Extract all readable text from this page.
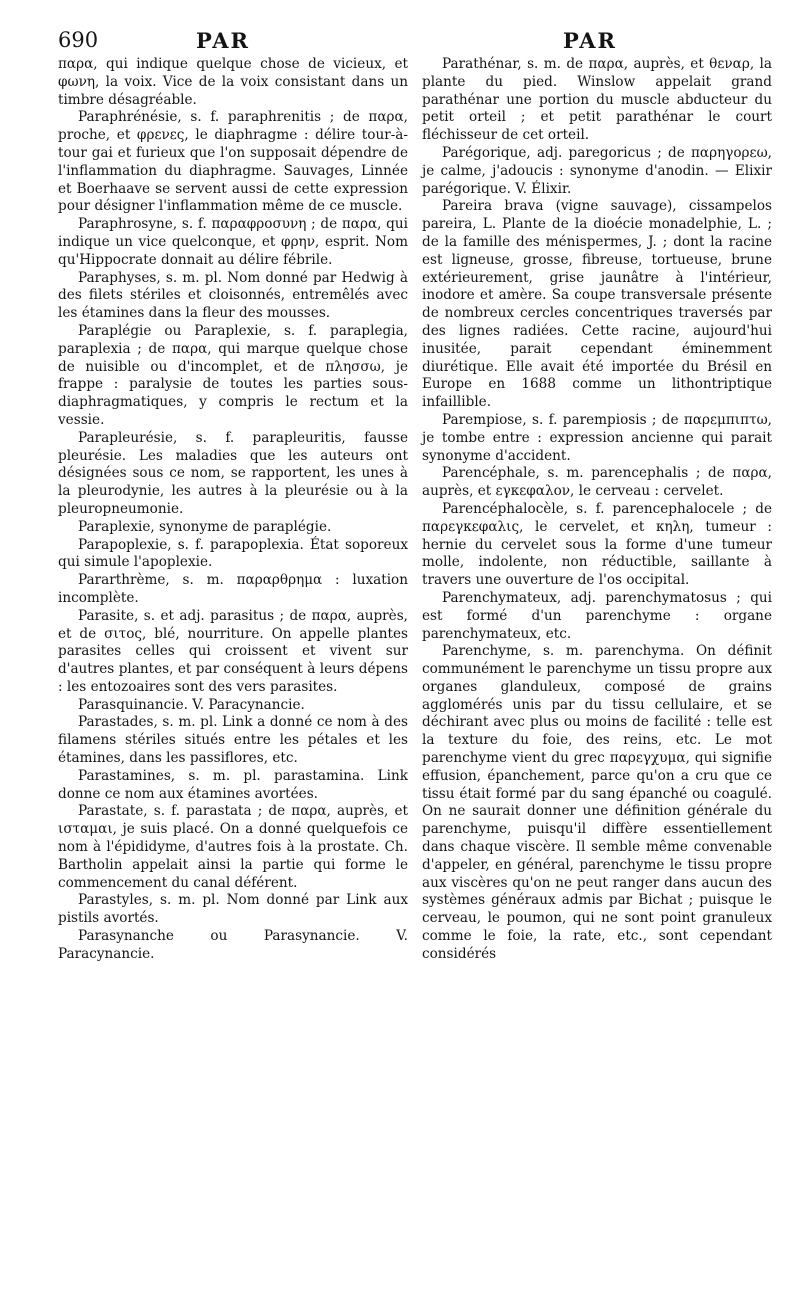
690	PAR	PAR

παρα, qui indique quelque chose de vicieux, et φωνη, la voix. Vice de la voix consistant dans un timbre désagréable.

Paraphrénésie, s. f. paraphrenitis ; de παρα, proche, et φρενες, le diaphragme : délire tour-à-tour gai et furieux que l'on supposait dépendre de l'inflammation du diaphragme. Sauvages, Linnée et Boerhaave se servent aussi de cette expression pour désigner l'inflammation même de ce muscle.

Paraphrosyne, s. f. παραφροσυνη ; de παρα, qui indique un vice quelconque, et φρην, esprit. Nom qu'Hippocrate donnait au délire fébrile.

Paraphyses, s. m. pl. Nom donné par Hedwig à des filets stériles et cloisonnés, entremêlés avec les étamines dans la fleur des mousses.

Paraplégie ou Paraplexie, s. f. paraplegia, paraplexia ; de παρα, qui marque quelque chose de nuisible ou d'incomplet, et de πλησσω, je frappe : paralysie de toutes les parties sous-diaphragmatiques, y compris le rectum et la vessie.

Parapleurésie, s. f. parapleuritis, fausse pleurésie. Les maladies que les auteurs ont désignées sous ce nom, se rapportent, les unes à la pleurodynie, les autres à la pleurésie ou à la pleuropneumonie.

Paraplexie, synonyme de paraplégie.

Parapoplexie, s. f. parapoplexia. État soporeux qui simule l'apoplexie.

Pararthrème, s. m. παραρθρημα : luxation incomplète.

Parasite, s. et adj. parasitus ; de παρα, auprès, et de σιτος, blé, nourriture. On appelle plantes parasites celles qui croissent et vivent sur d'autres plantes, et par conséquent à leurs dépens : les entozoaires sont des vers parasites.

Parasquinancie. V. Paracynancie.

Parastades, s. m. pl. Link a donné ce nom à des filamens stériles situés entre les pétales et les étamines, dans les passiflores, etc.

Parastamines, s. m. pl. parastamina. Link donne ce nom aux étamines avortées.

Parastate, s. f. parastata ; de παρα, auprès, et ισταμαι, je suis placé. On a donné quelquefois ce nom à l'épididyme, d'autres fois à la prostate. Ch. Bartholin appelait ainsi la partie qui forme le commencement du canal déférent.

Parastyles, s. m. pl. Nom donné par Link aux pistils avortés.

Parasynanche ou Parasynancie. V. Paracynancie.

Parathénar, s. m. de παρα, auprès, et θεναρ, la plante du pied. Winslow appelait grand parathénar une portion du muscle abducteur du petit orteil ; et petit parathénar le court fléchisseur de cet orteil.

Parégorique, adj. paregoricus ; de παρηγορεω, je calme, j'adoucis : synonyme d'anodin. — Elixir parégorique. V. Élixir.

Pareira brava (vigne sauvage), cissampelos pareira, L. Plante de la dioécie monadelphie, L. ; de la famille des ménispermes, J. ; dont la racine est ligneuse, grosse, fibreuse, tortueuse, brune extérieurement, grise jaunâtre à l'intérieur, inodore et amère. Sa coupe transversale présente de nombreux cercles concentriques traversés par des lignes radiées. Cette racine, aujourd'hui inusitée, parait cependant éminemment diurétique. Elle avait été importée du Brésil en Europe en 1688 comme un lithontriptique infaillible.

Parempiose, s. f. parempiosis ; de παρεμπιπτω, je tombe entre : expression ancienne qui parait synonyme d'accident.

Parencéphale, s. m. parencephalis ; de παρα, auprès, et εγκεφαλον, le cerveau : cervelet.

Parencéphalocèle, s. f. parencephalocele ; de παρεγκεφαλις, le cervelet, et κηλη, tumeur : hernie du cervelet sous la forme d'une tumeur molle, indolente, non réductible, saillante à travers une ouverture de l'os occipital.

Parenchymateux, adj. parenchymatosus ; qui est formé d'un parenchyme : organe parenchymateux, etc.

Parenchyme, s. m. parenchyma. On définit communément le parenchyme un tissu propre aux organes glanduleux, composé de grains agglomérés unis par du tissu cellulaire, et se déchirant avec plus ou moins de facilité : telle est la texture du foie, des reins, etc. Le mot parenchyme vient du grec παρεγχυμα, qui signifie effusion, épanchement, parce qu'on a cru que ce tissu était formé par du sang épanché ou coagulé. On ne saurait donner une définition générale du parenchyme, puisqu'il diffère essentiellement dans chaque viscère. Il semble même convenable d'appeler, en général, parenchyme le tissu propre aux viscères qu'on ne peut ranger dans aucun des systèmes généraux admis par Bichat ; puisque le cerveau, le poumon, qui ne sont point granuleux comme le foie, la rate, etc., sont cependant considérés
